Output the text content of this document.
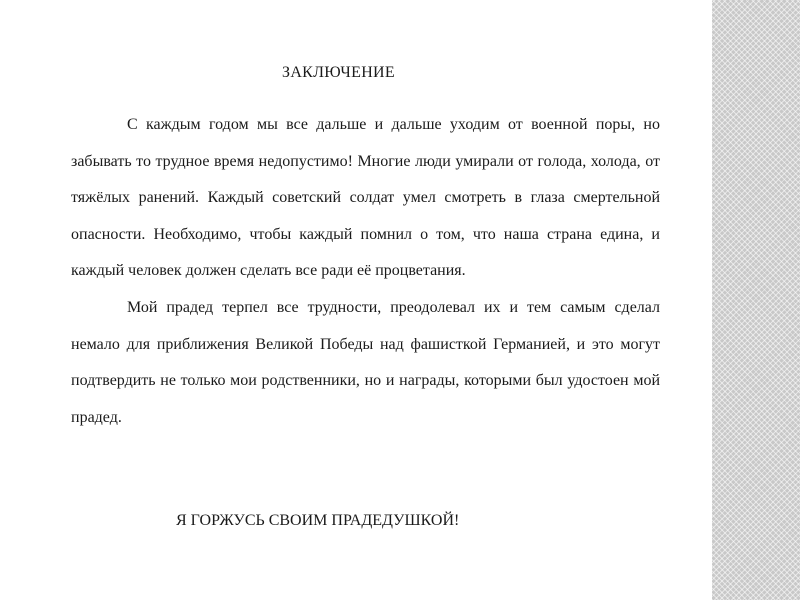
ЗАКЛЮЧЕНИЕ

С каждым годом мы все дальше и дальше уходим от военной поры, но забывать то трудное время недопустимо! Многие люди умирали от голода, холода, от тяжёлых ранений. Каждый советский солдат умел смотреть в глаза смертельной опасности. Необходимо, чтобы каждый помнил о том, что наша страна едина, и каждый человек должен сделать все ради её процветания.

Мой прадед терпел все трудности, преодолевал их и тем самым сделал немало для приближения Великой Победы над фашисткой Германией, и это могут подтвердить не только мои родственники, но и награды, которыми был удостоен мой прадед.

Я ГОРЖУСЬ СВОИМ ПРАДЕДУШКОЙ!
